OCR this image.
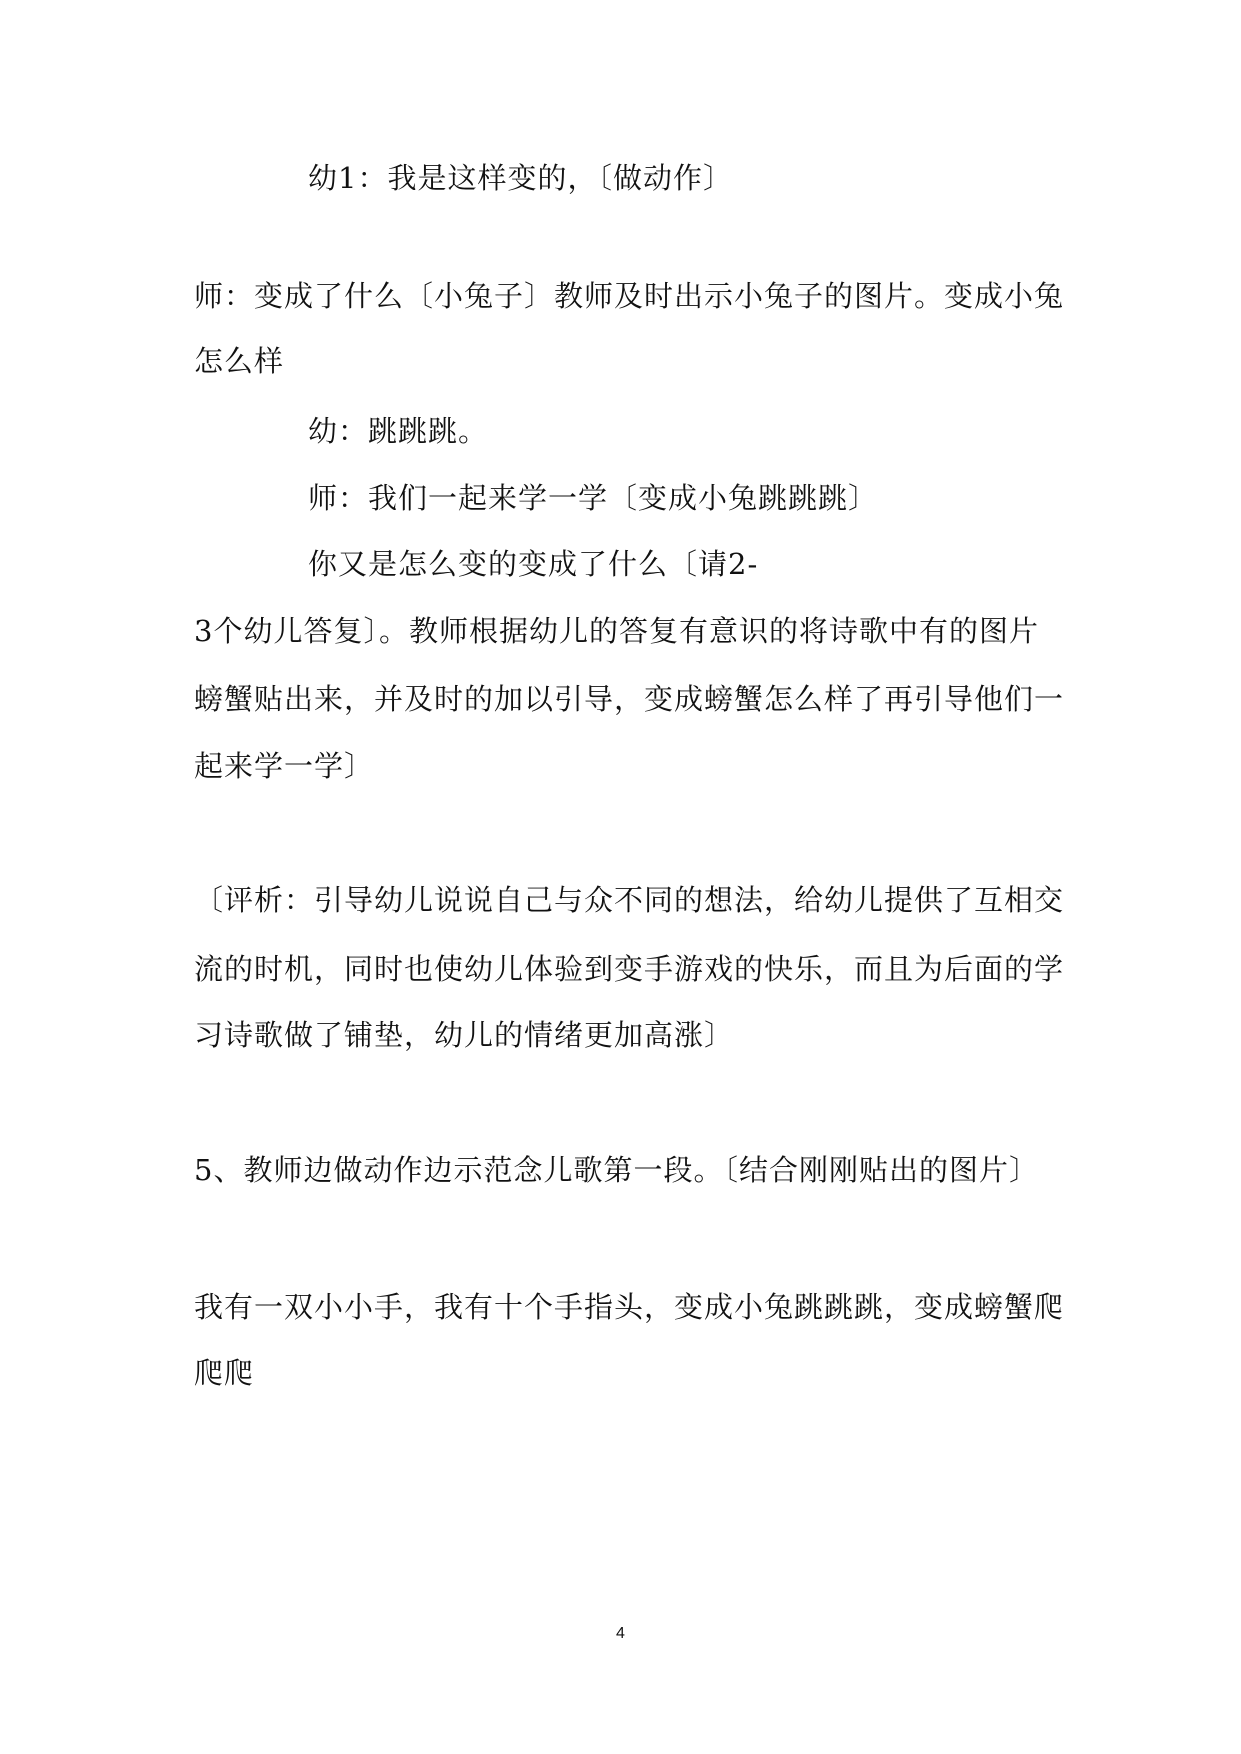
幼1：我是这样变的，〔做动作〕
师：变成了什么〔小兔子〕教师及时出示小兔子的图片。变成小兔
怎么样
幼：跳跳跳。
师：我们一起来学一学〔变成小兔跳跳跳〕
你又是怎么变的变成了什么〔请2-
3个幼儿答复〕。教师根据幼儿的答复有意识的将诗歌中有的图片
螃蟹贴出来，并及时的加以引导，变成螃蟹怎么样了再引导他们一
起来学一学〕
〔评析：引导幼儿说说自己与众不同的想法，给幼儿提供了互相交
流的时机，同时也使幼儿体验到变手游戏的快乐，而且为后面的学
习诗歌做了铺垫，幼儿的情绪更加高涨〕
5、教师边做动作边示范念儿歌第一段。〔结合刚刚贴出的图片〕
我有一双小小手，我有十个手指头，变成小兔跳跳跳，变成螃蟹爬
爬爬
4
